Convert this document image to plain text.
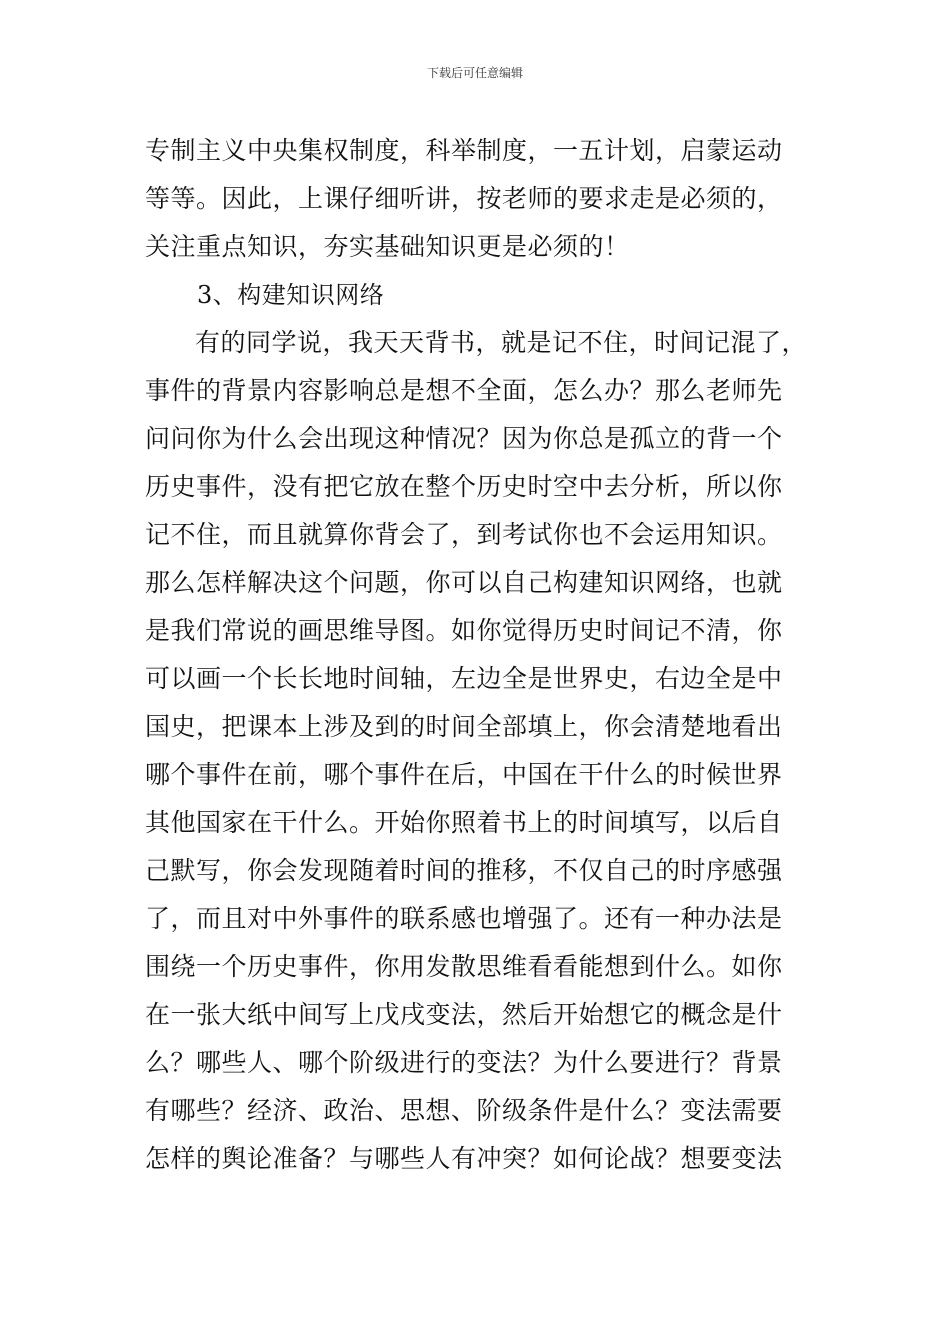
下载后可任意编辑
专制主义中央集权制度，科举制度，一五计划，启蒙运动
等等。因此，上课仔细听讲，按老师的要求走是必须的，
关注重点知识，夯实基础知识更是必须的！
3、构建知识网络
有的同学说，我天天背书，就是记不住，时间记混了，
事件的背景内容影响总是想不全面，怎么办？那么老师先
问问你为什么会出现这种情况？因为你总是孤立的背一个
历史事件，没有把它放在整个历史时空中去分析，所以你
记不住，而且就算你背会了，到考试你也不会运用知识。
那么怎样解决这个问题，你可以自己构建知识网络，也就
是我们常说的画思维导图。如你觉得历史时间记不清，你
可以画一个长长地时间轴，左边全是世界史，右边全是中
国史，把课本上涉及到的时间全部填上，你会清楚地看出
哪个事件在前，哪个事件在后，中国在干什么的时候世界
其他国家在干什么。开始你照着书上的时间填写，以后自
己默写，你会发现随着时间的推移，不仅自己的时序感强
了，而且对中外事件的联系感也增强了。还有一种办法是
围绕一个历史事件，你用发散思维看看能想到什么。如你
在一张大纸中间写上戊戌变法，然后开始想它的概念是什
么？哪些人、哪个阶级进行的变法？为什么要进行？背景
有哪些？经济、政治、思想、阶级条件是什么？变法需要
怎样的舆论准备？与哪些人有冲突？如何论战？想要变法
